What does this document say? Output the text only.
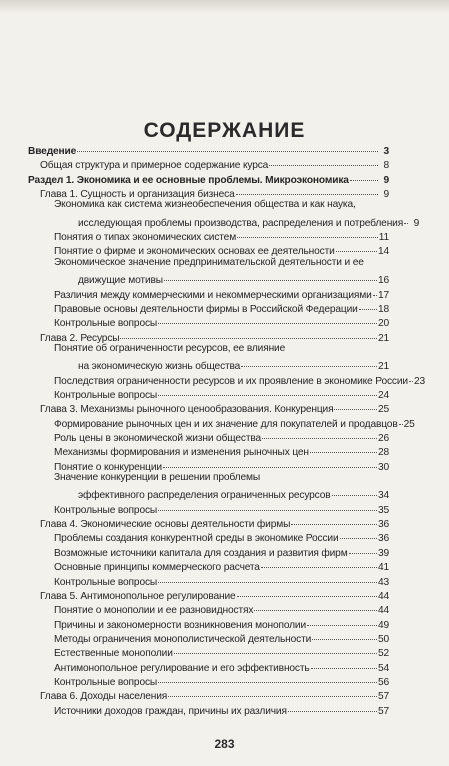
СОДЕРЖАНИЕ
Введение	3
Общая структура и примерное содержание курса	8
Раздел 1. Экономика и ее основные проблемы. Микроэкономика	9
Глава 1. Сущность и организация бизнеса	9
Экономика как система жизнеобеспечения общества и как наука,
исследующая проблемы производства, распределения и потребления	9
Понятия о типах экономических систем	11
Понятие о фирме и экономических основах ее деятельности	14
Экономическое значение предпринимательской деятельности и ее
движущие мотивы	16
Различия между коммерческими и некоммерческими организациями 17
Правовые основы деятельности фирмы в Российской Федерации 18
Контрольные вопросы	20
Глава 2. Ресурсы	21
Понятие об ограниченности ресурсов, ее влияние
на экономическую жизнь общества	21
Последствия ограниченности ресурсов и их проявление в экономике России 23
Контрольные вопросы	24
Глава 3. Механизмы рыночного ценообразования. Конкуренция	25
Формирование рыночных цен и их значение для покупателей и продавцов 25
Роль цены в экономической жизни общества	26
Механизмы формирования и изменения рыночных цен	28
Понятие о конкуренции	30
Значение конкуренции в решении проблемы
эффективного распределения ограниченных ресурсов	34
Контрольные вопросы	35
Глава 4. Экономические основы деятельности фирмы	36
Проблемы создания конкурентной среды в экономике России	36
Возможные источники капитала для создания и развития фирм	39
Основные принципы коммерческого расчета	41
Контрольные вопросы	43
Глава 5. Антимонопольное регулирование	44
Понятие о монополии и ее разновидностях	44
Причины и закономерности возникновения монополии	49
Методы ограничения монополистической деятельности	50
Естественные монополии	52
Антимонопольное регулирование и его эффективность	54
Контрольные вопросы	56
Глава 6. Доходы населения	57
Источники доходов граждан, причины их различия	57
283
